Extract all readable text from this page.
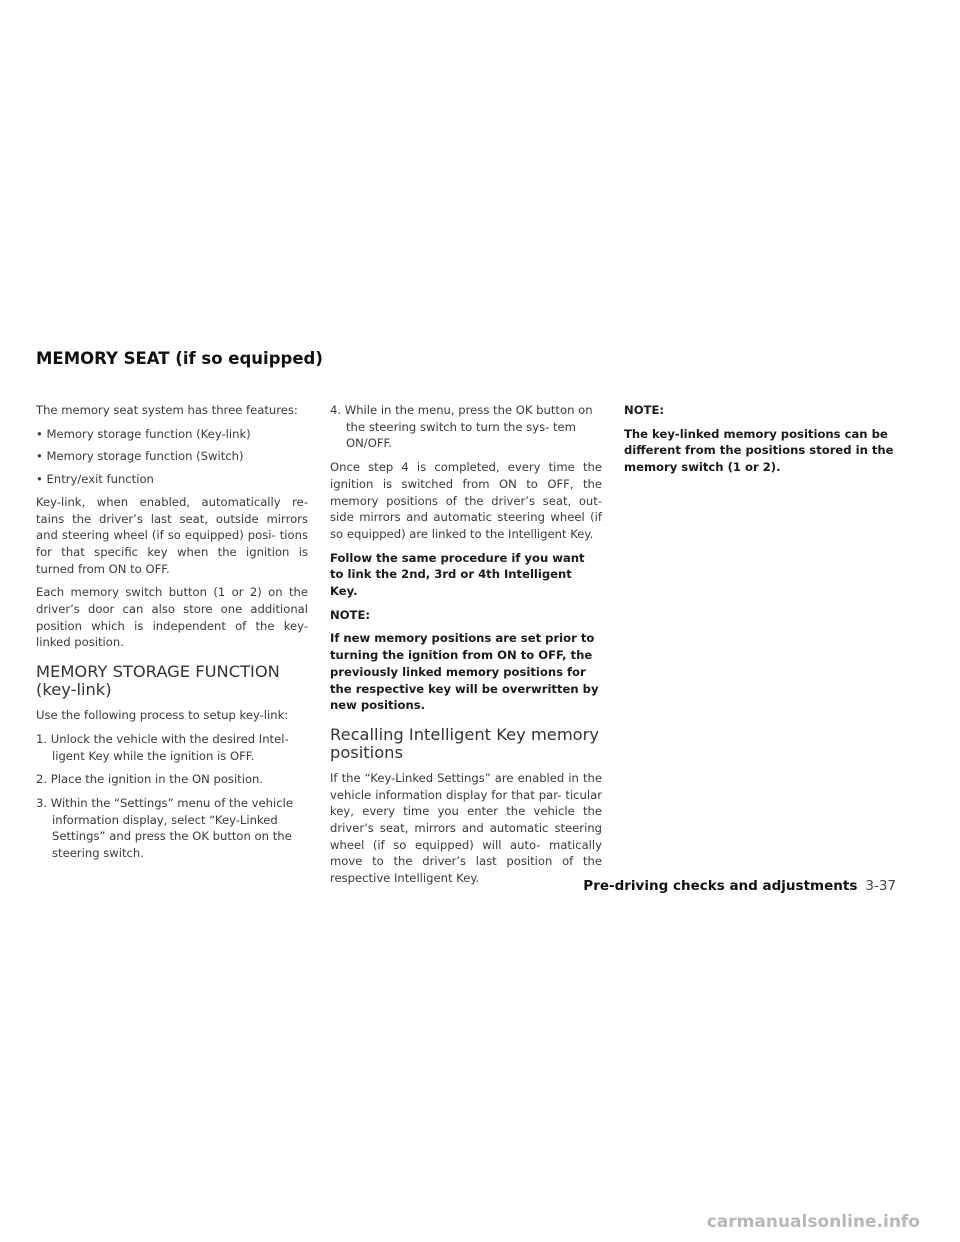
MEMORY SEAT (if so equipped)

The memory seat system has three features:

• Memory storage function (Key-link)

• Memory storage function (Switch)

• Entry/exit function

Key-link, when enabled, automatically re- tains the driver’s last seat, outside mirrors and steering wheel (if so equipped) posi- tions for that specific key when the ignition is turned from ON to OFF.

Each memory switch button (1 or 2) on the driver’s door can also store one additional position which is independent of the key- linked position.

MEMORY STORAGE FUNCTION (key-link)

Use the following process to setup key-link:

1. Unlock the vehicle with the desired Intel- ligent Key while the ignition is OFF.

2. Place the ignition in the ON position.

3. Within the “Settings” menu of the vehicle information display, select “Key-Linked Settings” and press the OK button on the steering switch.

4. While in the menu, press the OK button on the steering switch to turn the sys- tem ON/OFF.

Once step 4 is completed, every time the ignition is switched from ON to OFF, the memory positions of the driver’s seat, out- side mirrors and automatic steering wheel (if so equipped) are linked to the Intelligent Key.

Follow the same procedure if you want to link the 2nd, 3rd or 4th Intelligent Key.

NOTE:

If new memory positions are set prior to turning the ignition from ON to OFF, the previously linked memory positions for the respective key will be overwritten by new positions.

Recalling Intelligent Key memory positions

If the “Key-Linked Settings” are enabled in the vehicle information display for that par- ticular key, every time you enter the vehicle the driver’s seat, mirrors and automatic steering wheel (if so equipped) will auto- matically move to the driver’s last position of the respective Intelligent Key.

NOTE:

The key-linked memory positions can be different from the positions stored in the memory switch (1 or 2).

Pre-driving checks and adjustments 3-37
carmanualsonline.info
